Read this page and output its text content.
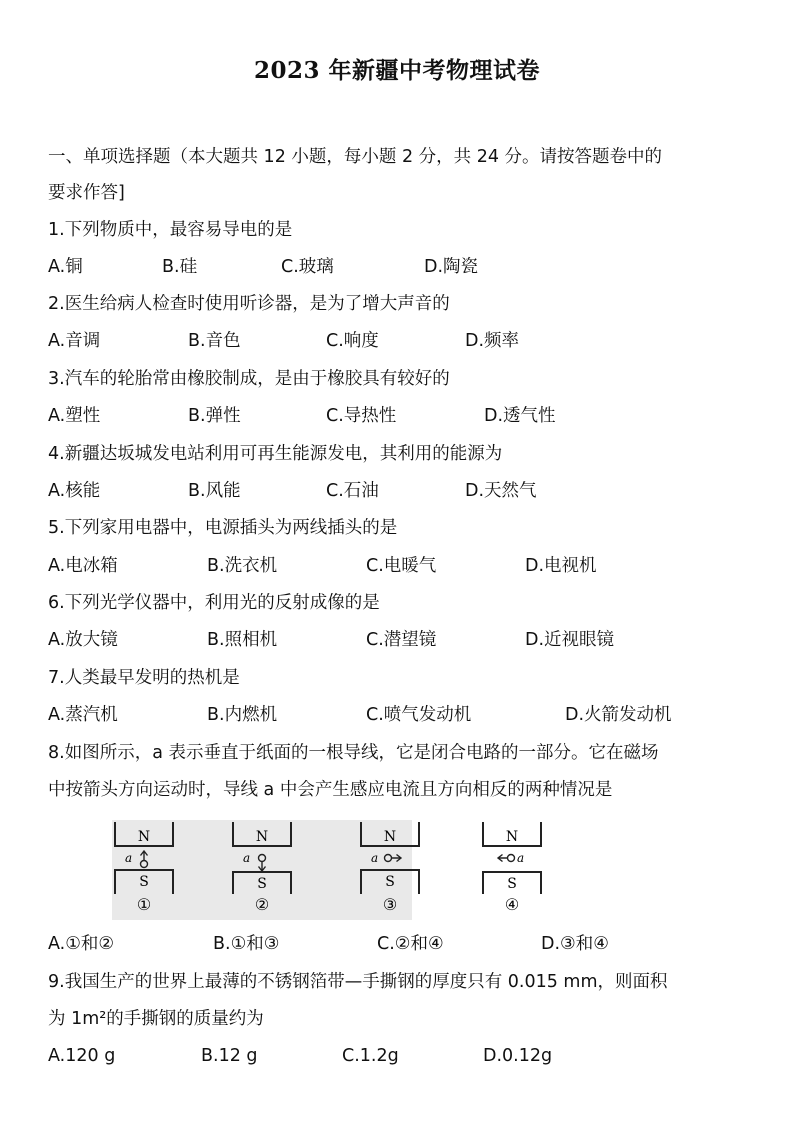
2023 年新疆中考物理试卷
一、单项选择题（本大题共 12 小题，每小题 2 分，共 24 分。请按答题卷中的
要求作答]
1.下列物质中，最容易导电的是
A.铜	B.硅	C.玻璃	D.陶瓷
2.医生给病人检查时使用听诊器，是为了增大声音的
A.音调	B.音色	C.响度	D.频率
3.汽车的轮胎常由橡胶制成，是由于橡胶具有较好的
A.塑性	B.弹性	C.导热性	D.透气性
4.新疆达坂城发电站利用可再生能源发电，其利用的能源为
A.核能	B.风能	C.石油	D.天然气
5.下列家用电器中，电源插头为两线插头的是
A.电冰箱	B.洗衣机	C.电暖气	D.电视机
6.下列光学仪器中，利用光的反射成像的是
A.放大镜	B.照相机	C.潜望镜	D.近视眼镜
7.人类最早发明的热机是
A.蒸汽机	B.内燃机	C.喷气发动机	D.火箭发动机
8.如图所示，a 表示垂直于纸面的一根导线，它是闭合电路的一部分。它在磁场
中按箭头方向运动时，导线 a 中会产生感应电流且方向相反的两种情况是
N
a
S
①
N
a
S
②
N
a
S
③
N
a
S
④
A.①和②	B.①和③	C.②和④	D.③和④
9.我国生产的世界上最薄的不锈钢箔带—手撕钢的厚度只有 0.015 mm，则面积
为 1m²的手撕钢的质量约为
A.120 g	B.12 g	C.1.2g	D.0.12g
